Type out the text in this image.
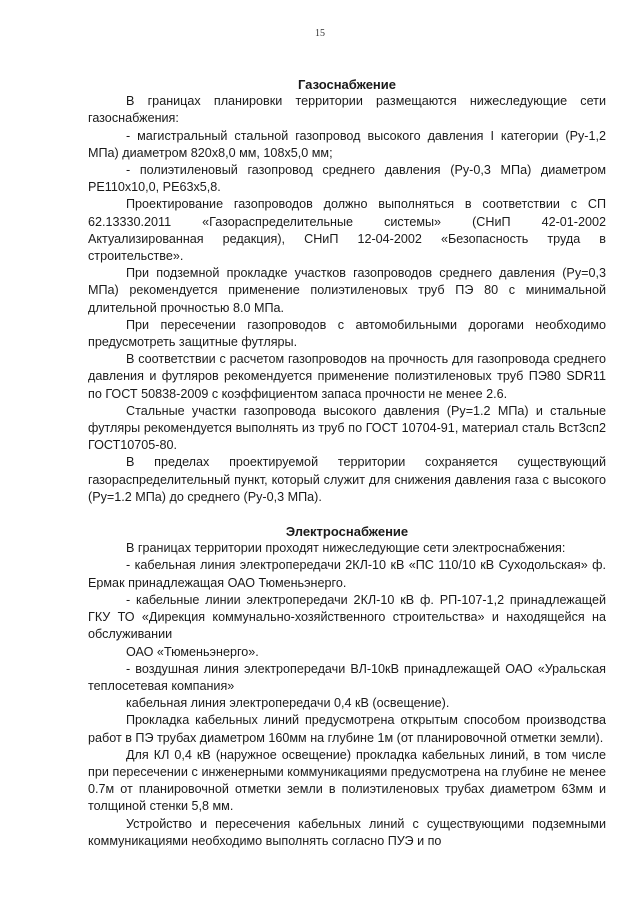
15

Газоснабжение

В границах планировки территории размещаются нижеследующие сети газоснабжения:

- магистральный стальной газопровод высокого давления I категории (Ру-1,2 МПа) диаметром 820х8,0 мм, 108х5,0 мм;

- полиэтиленовый газопровод среднего давления (Ру-0,3 МПа) диаметром РЕ110х10,0, РЕ63х5,8.

Проектирование газопроводов должно выполняться в соответствии с СП 62.13330.2011 «Газораспределительные системы» (СНиП 42-01-2002 Актуализированная редакция), СНиП 12-04-2002 «Безопасность труда в строительстве».

При подземной прокладке участков газопроводов среднего давления (Ру=0,3 МПа) рекомендуется применение полиэтиленовых труб ПЭ 80 с минимальной длительной прочностью 8.0 МПа.

При пересечении газопроводов с автомобильными дорогами необходимо предусмотреть защитные футляры.

В соответствии с расчетом газопроводов на прочность для газопровода среднего давления и футляров рекомендуется применение полиэтиленовых труб ПЭ80 SDR11 по ГОСТ 50838-2009 с коэффициентом запаса прочности не менее 2.6.

Стальные участки газопровода высокого давления (Ру=1.2 МПа) и стальные футляры рекомендуется выполнять из труб по ГОСТ 10704-91, материал сталь Вст3сп2 ГОСТ10705-80.

В пределах проектируемой территории сохраняется существующий газораспределительный пункт, который служит для снижения давления газа с высокого (Ру=1.2 МПа) до среднего (Ру-0,3 МПа).

Электроснабжение

В границах территории проходят нижеследующие сети электроснабжения:

- кабельная линия электропередачи 2КЛ-10 кВ «ПС 110/10 кВ Суходольская» ф. Ермак принадлежащая ОАО Тюменьэнерго.

- кабельные линии электропередачи 2КЛ-10 кВ ф. РП-107-1,2 принадлежащей ГКУ ТО «Дирекция коммунально-хозяйственного строительства» и находящейся на обслуживании

ОАО «Тюменьэнерго».

- воздушная линия электропередачи ВЛ-10кВ принадлежащей ОАО «Уральская теплосетевая компания»

кабельная линия электропередачи 0,4 кВ (освещение).

Прокладка кабельных линий предусмотрена открытым способом производства работ в ПЭ трубах диаметром 160мм на глубине 1м (от планировочной отметки земли).

Для КЛ 0,4 кВ (наружное освещение) прокладка кабельных линий, в том числе при пересечении с инженерными коммуникациями предусмотрена на глубине не менее 0.7м от планировочной отметки земли в полиэтиленовых трубах диаметром 63мм и толщиной стенки 5,8 мм.

Устройство и пересечения кабельных линий с существующими подземными коммуникациями необходимо выполнять согласно ПУЭ и по
